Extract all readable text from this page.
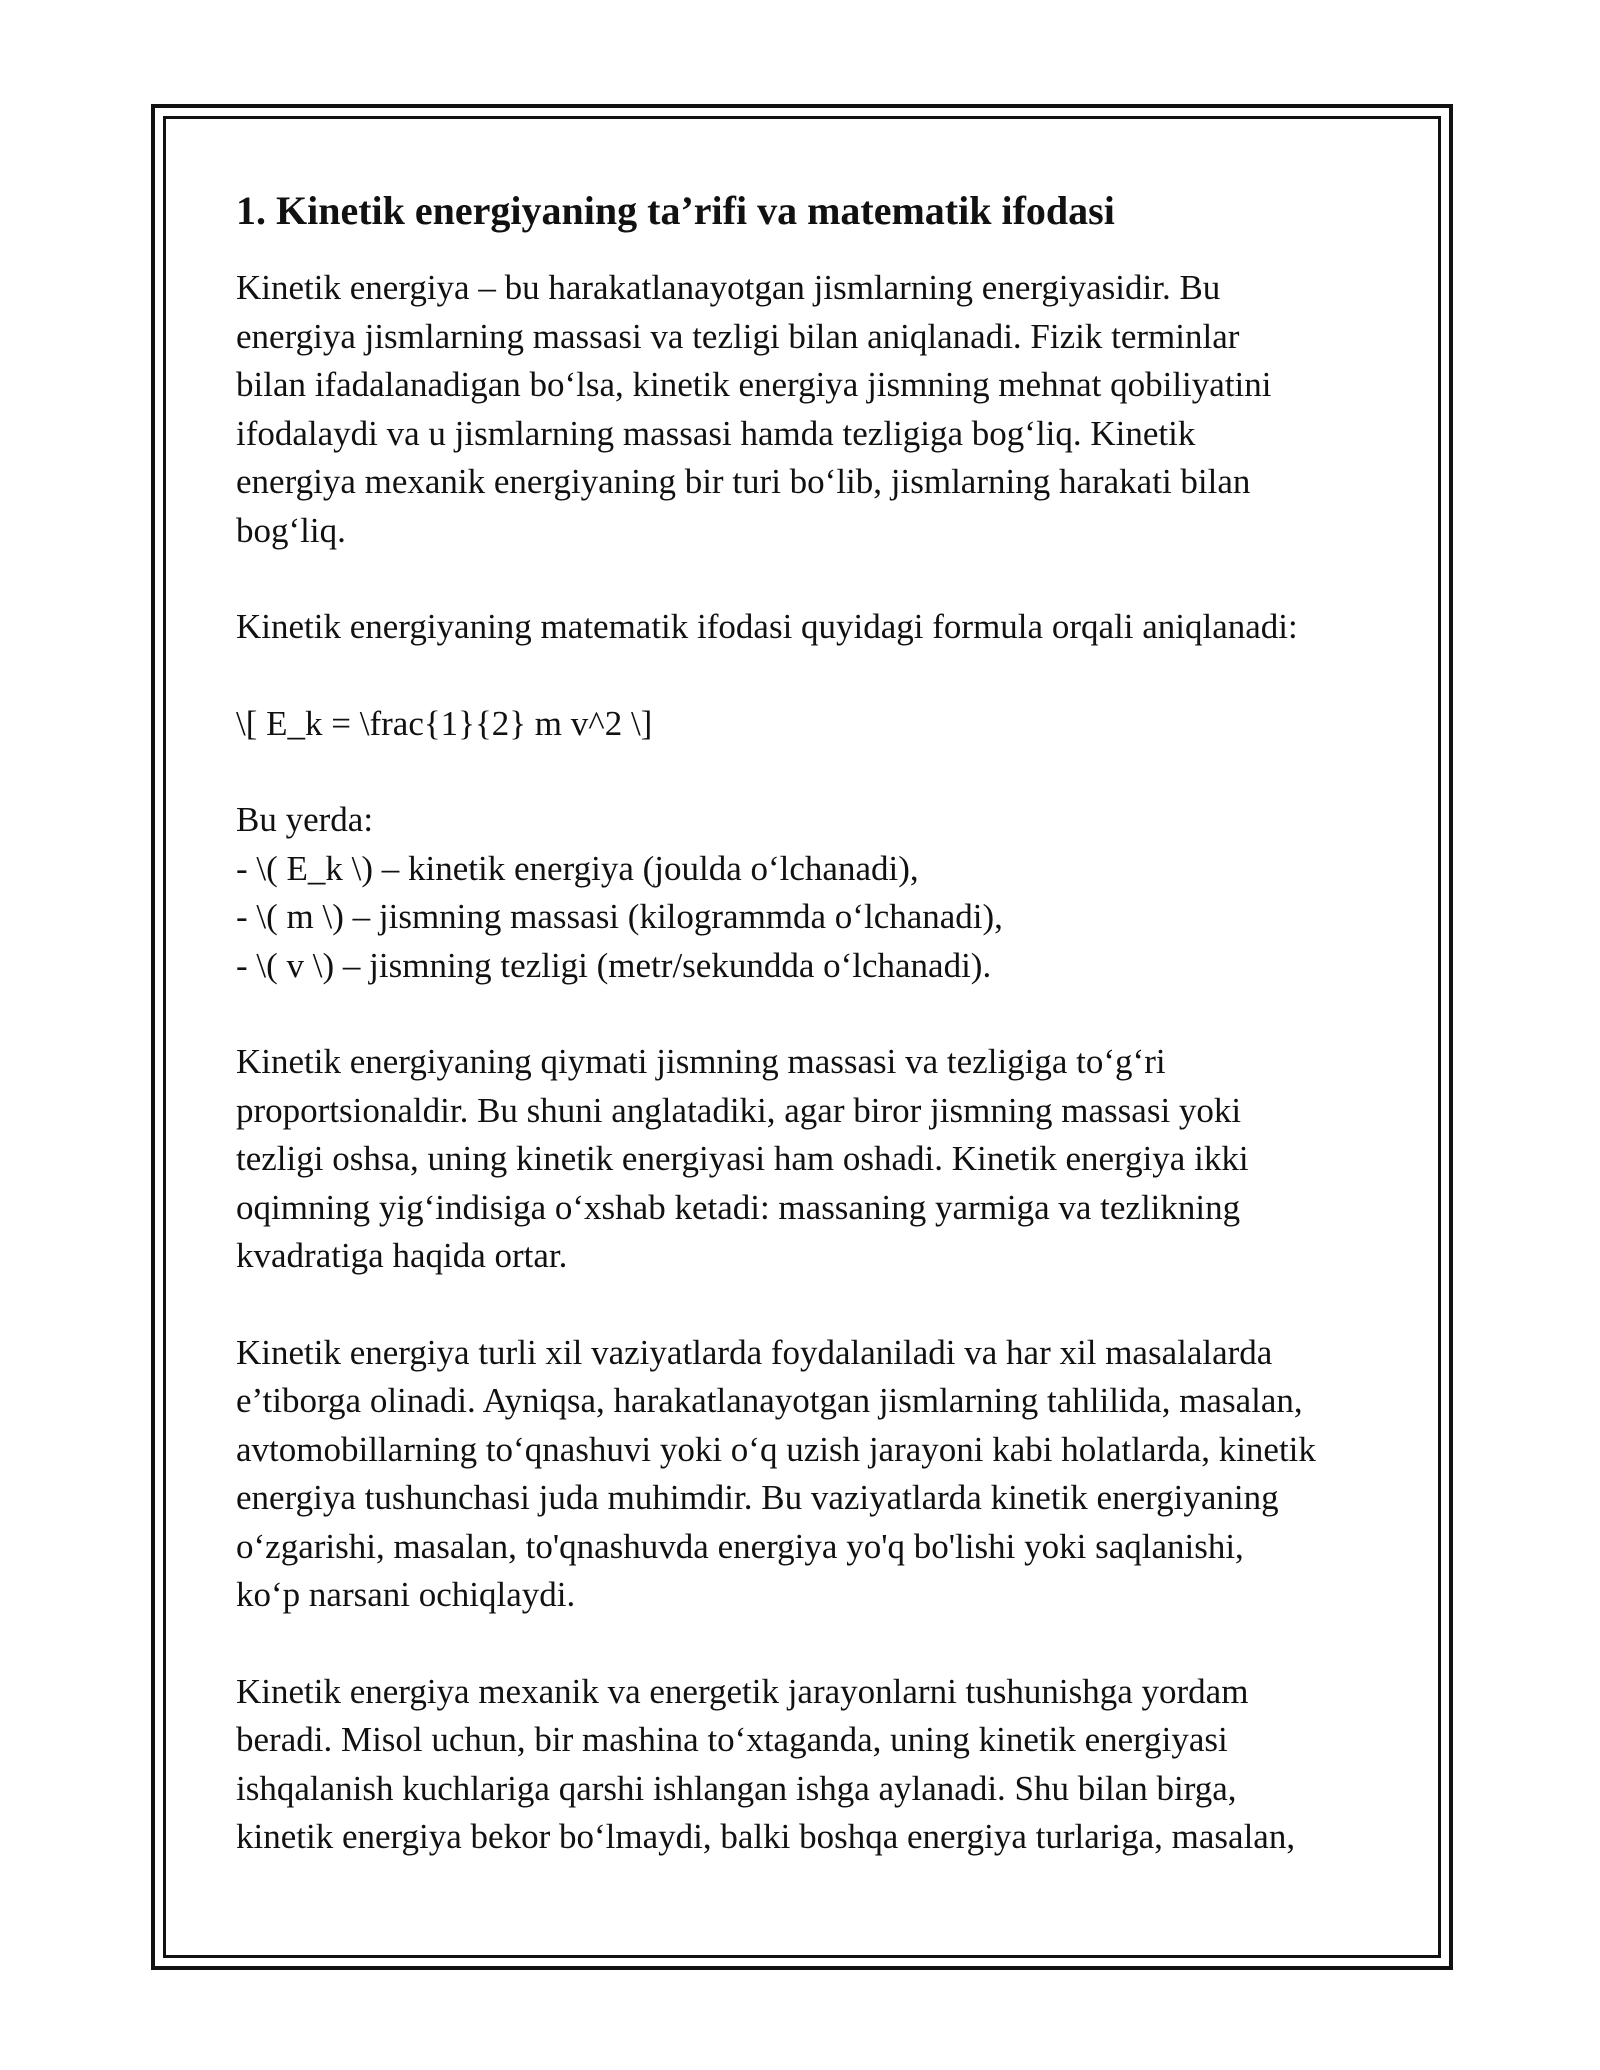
1. Kinetik energiyaning ta’rifi va matematik ifodasi

Kinetik energiya – bu harakatlanayotgan jismlarning energiyasidir. Bu
energiya jismlarning massasi va tezligi bilan aniqlanadi. Fizik terminlar
bilan ifadalanadigan bo‘lsa, kinetik energiya jismning mehnat qobiliyatini
ifodalaydi va u jismlarning massasi hamda tezligiga bog‘liq. Kinetik
energiya mexanik energiyaning bir turi bo‘lib, jismlarning harakati bilan
bog‘liq.

Kinetik energiyaning matematik ifodasi quyidagi formula orqali aniqlanadi:

\[ E_k = \frac{1}{2} m v^2 \]

Bu yerda:
- \( E_k \) – kinetik energiya (joulda o‘lchanadi),
- \( m \) – jismning massasi (kilogrammda o‘lchanadi),
- \( v \) – jismning tezligi (metr/sekundda o‘lchanadi).

Kinetik energiyaning qiymati jismning massasi va tezligiga to‘g‘ri
proportsionaldir. Bu shuni anglatadiki, agar biror jismning massasi yoki
tezligi oshsa, uning kinetik energiyasi ham oshadi. Kinetik energiya ikki
oqimning yig‘indisiga o‘xshab ketadi: massaning yarmiga va tezlikning
kvadratiga haqida ortar.

Kinetik energiya turli xil vaziyatlarda foydalaniladi va har xil masalalarda
e’tiborga olinadi. Ayniqsa, harakatlanayotgan jismlarning tahlilida, masalan,
avtomobillarning to‘qnashuvi yoki o‘q uzish jarayoni kabi holatlarda, kinetik
energiya tushunchasi juda muhimdir. Bu vaziyatlarda kinetik energiyaning
o‘zgarishi, masalan, to'qnashuvda energiya yo'q bo'lishi yoki saqlanishi,
ko‘p narsani ochiqlaydi.

Kinetik energiya mexanik va energetik jarayonlarni tushunishga yordam
beradi. Misol uchun, bir mashina to‘xtaganda, uning kinetik energiyasi
ishqalanish kuchlariga qarshi ishlangan ishga aylanadi. Shu bilan birga,
kinetik energiya bekor bo‘lmaydi, balki boshqa energiya turlariga, masalan,
